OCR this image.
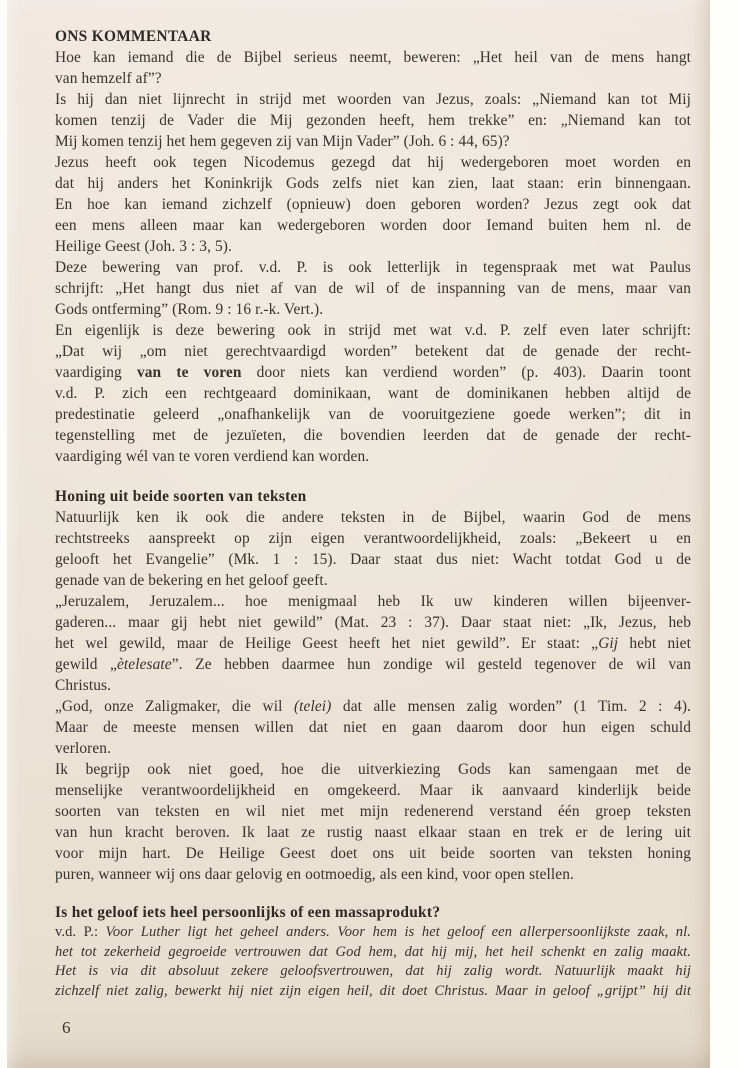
ONS KOMMENTAAR
Hoe kan iemand die de Bijbel serieus neemt, beweren: „Het heil van de mens hangt
van hemzelf af”?
Is hij dan niet lijnrecht in strijd met woorden van Jezus, zoals: „Niemand kan tot Mij
komen tenzij de Vader die Mij gezonden heeft, hem trekke” en: „Niemand kan tot
Mij komen tenzij het hem gegeven zij van Mijn Vader” (Joh. 6 : 44, 65)?
Jezus heeft ook tegen Nicodemus gezegd dat hij wedergeboren moet worden en
dat hij anders het Koninkrijk Gods zelfs niet kan zien, laat staan: erin binnengaan.
En hoe kan iemand zichzelf (opnieuw) doen geboren worden? Jezus zegt ook dat
een mens alleen maar kan wedergeboren worden door Iemand buiten hem nl. de
Heilige Geest (Joh. 3 : 3, 5).
Deze bewering van prof. v.d. P. is ook letterlijk in tegenspraak met wat Paulus
schrijft: „Het hangt dus niet af van de wil of de inspanning van de mens, maar van
Gods ontferming” (Rom. 9 : 16 r.-k. Vert.).
En eigenlijk is deze bewering ook in strijd met wat v.d. P. zelf even later schrijft:
„Dat wij „om niet gerechtvaardigd worden” betekent dat de genade der recht-
vaardiging van te voren door niets kan verdiend worden” (p. 403). Daarin toont
v.d. P. zich een rechtgeaard dominikaan, want de dominikanen hebben altijd de
predestinatie geleerd „onafhankelijk van de vooruitgeziene goede werken”; dit in
tegenstelling met de jezuïeten, die bovendien leerden dat de genade der recht-
vaardiging wél van te voren verdiend kan worden.
Honing uit beide soorten van teksten
Natuurlijk ken ik ook die andere teksten in de Bijbel, waarin God de mens
rechtstreeks aanspreekt op zijn eigen verantwoordelijkheid, zoals: „Bekeert u en
gelooft het Evangelie” (Mk. 1 : 15). Daar staat dus niet: Wacht totdat God u de
genade van de bekering en het geloof geeft.
„Jeruzalem, Jeruzalem... hoe menigmaal heb Ik uw kinderen willen bijeenver-
gaderen... maar gij hebt niet gewild” (Mat. 23 : 37). Daar staat niet: „Ik, Jezus, heb
het wel gewild, maar de Heilige Geest heeft het niet gewild”. Er staat: „Gij hebt niet
gewild „ètelesate”. Ze hebben daarmee hun zondige wil gesteld tegenover de wil van
Christus.
„God, onze Zaligmaker, die wil (telei) dat alle mensen zalig worden” (1 Tim. 2 : 4).
Maar de meeste mensen willen dat niet en gaan daarom door hun eigen schuld
verloren.
Ik begrijp ook niet goed, hoe die uitverkiezing Gods kan samengaan met de
menselijke verantwoordelijkheid en omgekeerd. Maar ik aanvaard kinderlijk beide
soorten van teksten en wil niet met mijn redenerend verstand één groep teksten
van hun kracht beroven. Ik laat ze rustig naast elkaar staan en trek er de lering uit
voor mijn hart. De Heilige Geest doet ons uit beide soorten van teksten honing
puren, wanneer wij ons daar gelovig en ootmoedig, als een kind, voor open stellen.
Is het geloof iets heel persoonlijks of een massaprodukt?
v.d. P.: Voor Luther ligt het geheel anders. Voor hem is het geloof een allerpersoonlijkste zaak, nl.
het tot zekerheid gegroeide vertrouwen dat God hem, dat hij mij, het heil schenkt en zalig maakt.
Het is via dit absoluut zekere geloofsvertrouwen, dat hij zalig wordt. Natuurlijk maakt hij
zichzelf niet zalig, bewerkt hij niet zijn eigen heil, dit doet Christus. Maar in geloof „grijpt” hij dit
6
